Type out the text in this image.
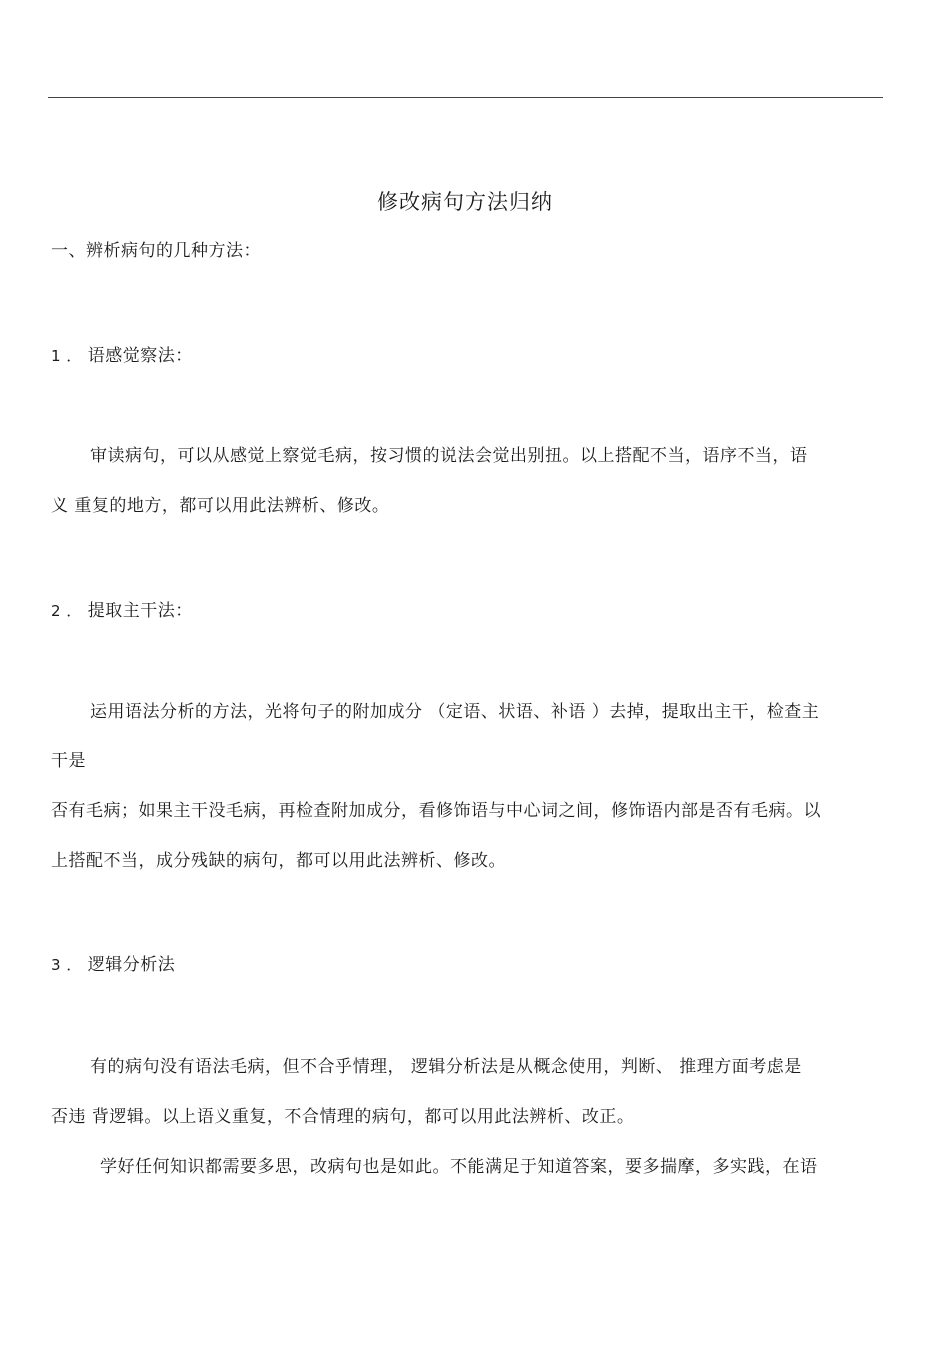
修改病句方法归纳
一、辨析病句的几种方法：
1 ． 语感觉察法：
审读病句，可以从感觉上察觉毛病，按习惯的说法会觉出别扭。以上搭配不当，语序不当，语
义 重复的地方，都可以用此法辨析、修改。
2 ． 提取主干法：
运用语法分析的方法，光将句子的附加成分 （定语、状语、补语 ）去掉，提取出主干，检查主
干是
否有毛病；如果主干没毛病，再检查附加成分，看修饰语与中心词之间，修饰语内部是否有毛病。以
上搭配不当，成分残缺的病句，都可以用此法辨析、修改。
3 ． 逻辑分析法
有的病句没有语法毛病，但不合乎情理， 逻辑分析法是从概念使用，判断、 推理方面考虑是
否违 背逻辑。以上语义重复，不合情理的病句，都可以用此法辨析、改正。
学好任何知识都需要多思，改病句也是如此。不能满足于知道答案，要多揣摩，多实践，在语
